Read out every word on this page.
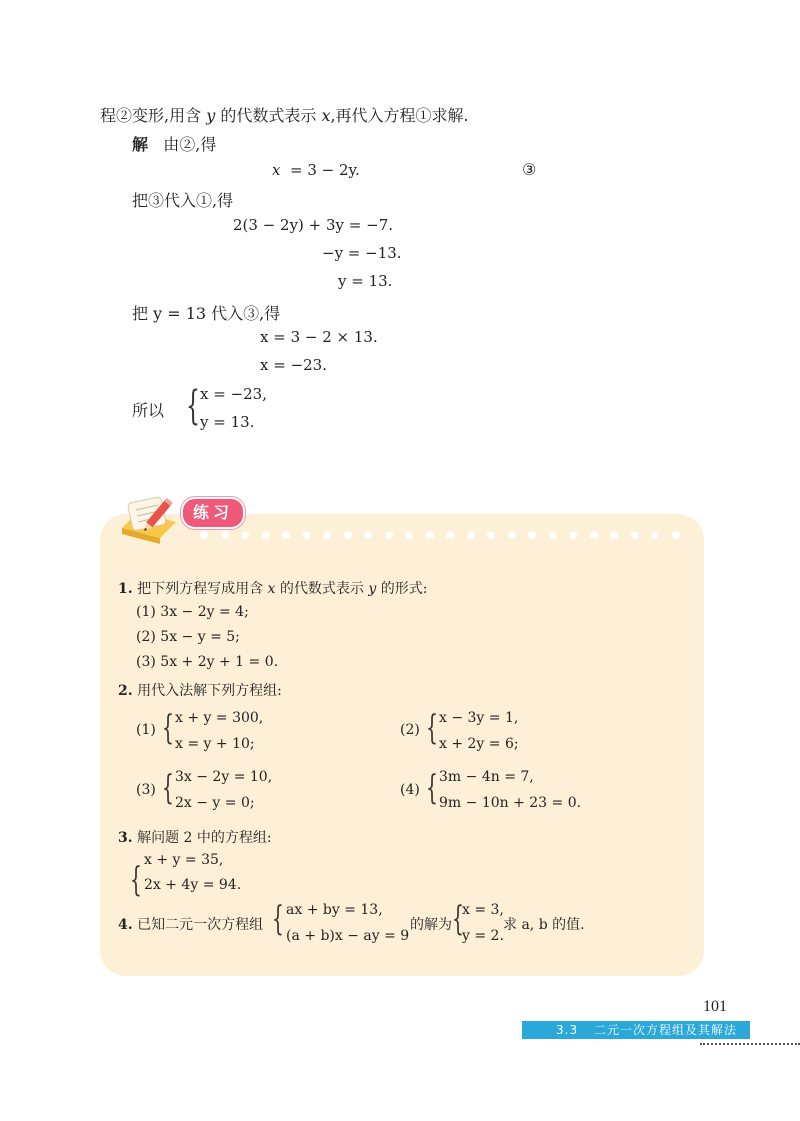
程②变形,用含 y 的代数式表示 x,再代入方程①求解.
解 由②,得
x = 3 − 2y.	③
把③代入①,得
2(3 − 2y) + 3y = −7.
−y = −13.
y = 13.
把 y = 13 代入③,得
x = 3 − 2 × 13.
x = −23.
所以 { x = −23,
y = 13.
练习
1. 把下列方程写成用含 x 的代数式表示 y 的形式:
(1) 3x − 2y = 4;
(2) 5x − y = 5;
(3) 5x + 2y + 1 = 0.
2. 用代入法解下列方程组:
(1) { x + y = 300,
x = y + 10;
(2) { x − 3y = 1,
x + 2y = 6;
(3) { 3x − 2y = 10,
2x − y = 0;
(4) { 3m − 4n = 7,
9m − 10n + 23 = 0.
3. 解问题 2 中的方程组:
{ x + y = 35,
2x + 4y = 94.
4. 已知二元一次方程组 { ax + by = 13,
(a + b)x − ay = 9
的解为 {
x = 3,
y = 2.
求 a, b 的值.
101
3.3 二元一次方程组及其解法
